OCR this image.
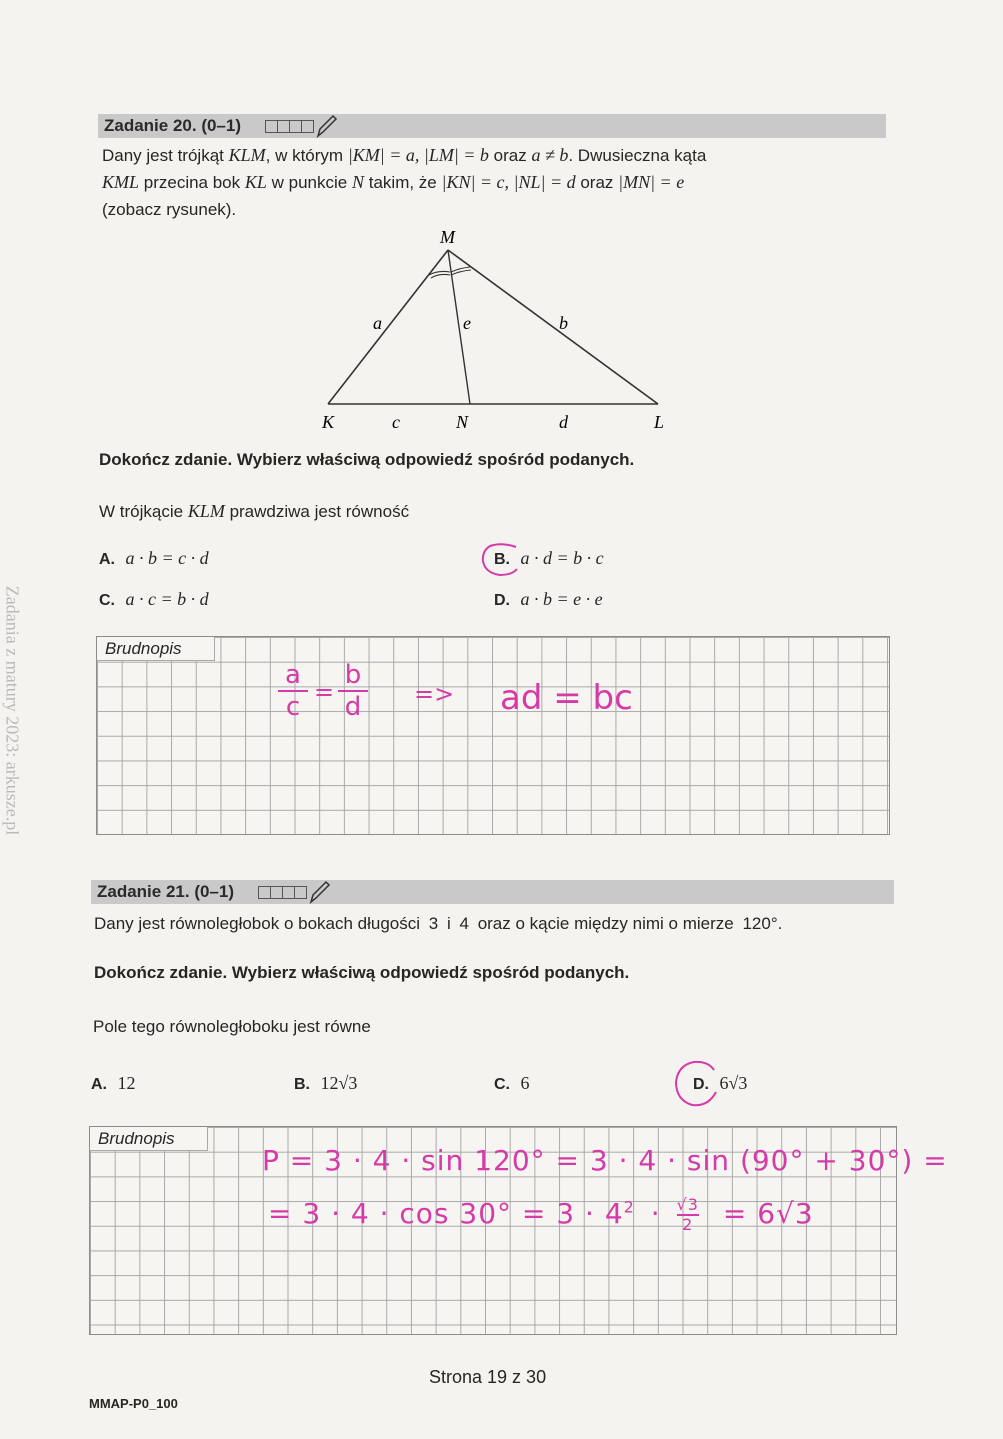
Zadania z matury 2023: arkusze.pl
Zadanie 20. (0–1)
Dany jest trójkąt KLM, w którym |KM| = a, |LM| = b oraz a ≠ b. Dwusieczna kąta
KML przecina bok KL w punkcie N takim, że |KN| = c, |NL| = d oraz |MN| = e
(zobacz rysunek).
M
K	N	L
a	b
c	d
e
Dokończ zdanie. Wybierz właściwą odpowiedź spośród podanych.
W trójkącie KLM prawdziwa jest równość
A. a · b = c · d	B. a · d = b · c
C. a · c = b · d	D. a · b = e · e
Brudnopis
a
c =
b
d => ad = bc
Zadanie 21. (0–1)
Dany jest równoległobok o bokach długości 3 i 4 oraz o kącie między nimi o mierze 120°.
Dokończ zdanie. Wybierz właściwą odpowiedź spośród podanych.
Pole tego równoległoboku jest równe
A. 12	B. 12√3	C. 6	D. 6√3
Brudnopis
P = 3 · 4 · sin 120° = 3 · 4 · sin (90° + 30°) =
= $3 \cdot 4 \cdot \cos 30^\circ = 3 \cdot 4^2 \cdot \frac{√3}{2} = 6√3$
Strona 19 z 30
MMAP-P0_100
